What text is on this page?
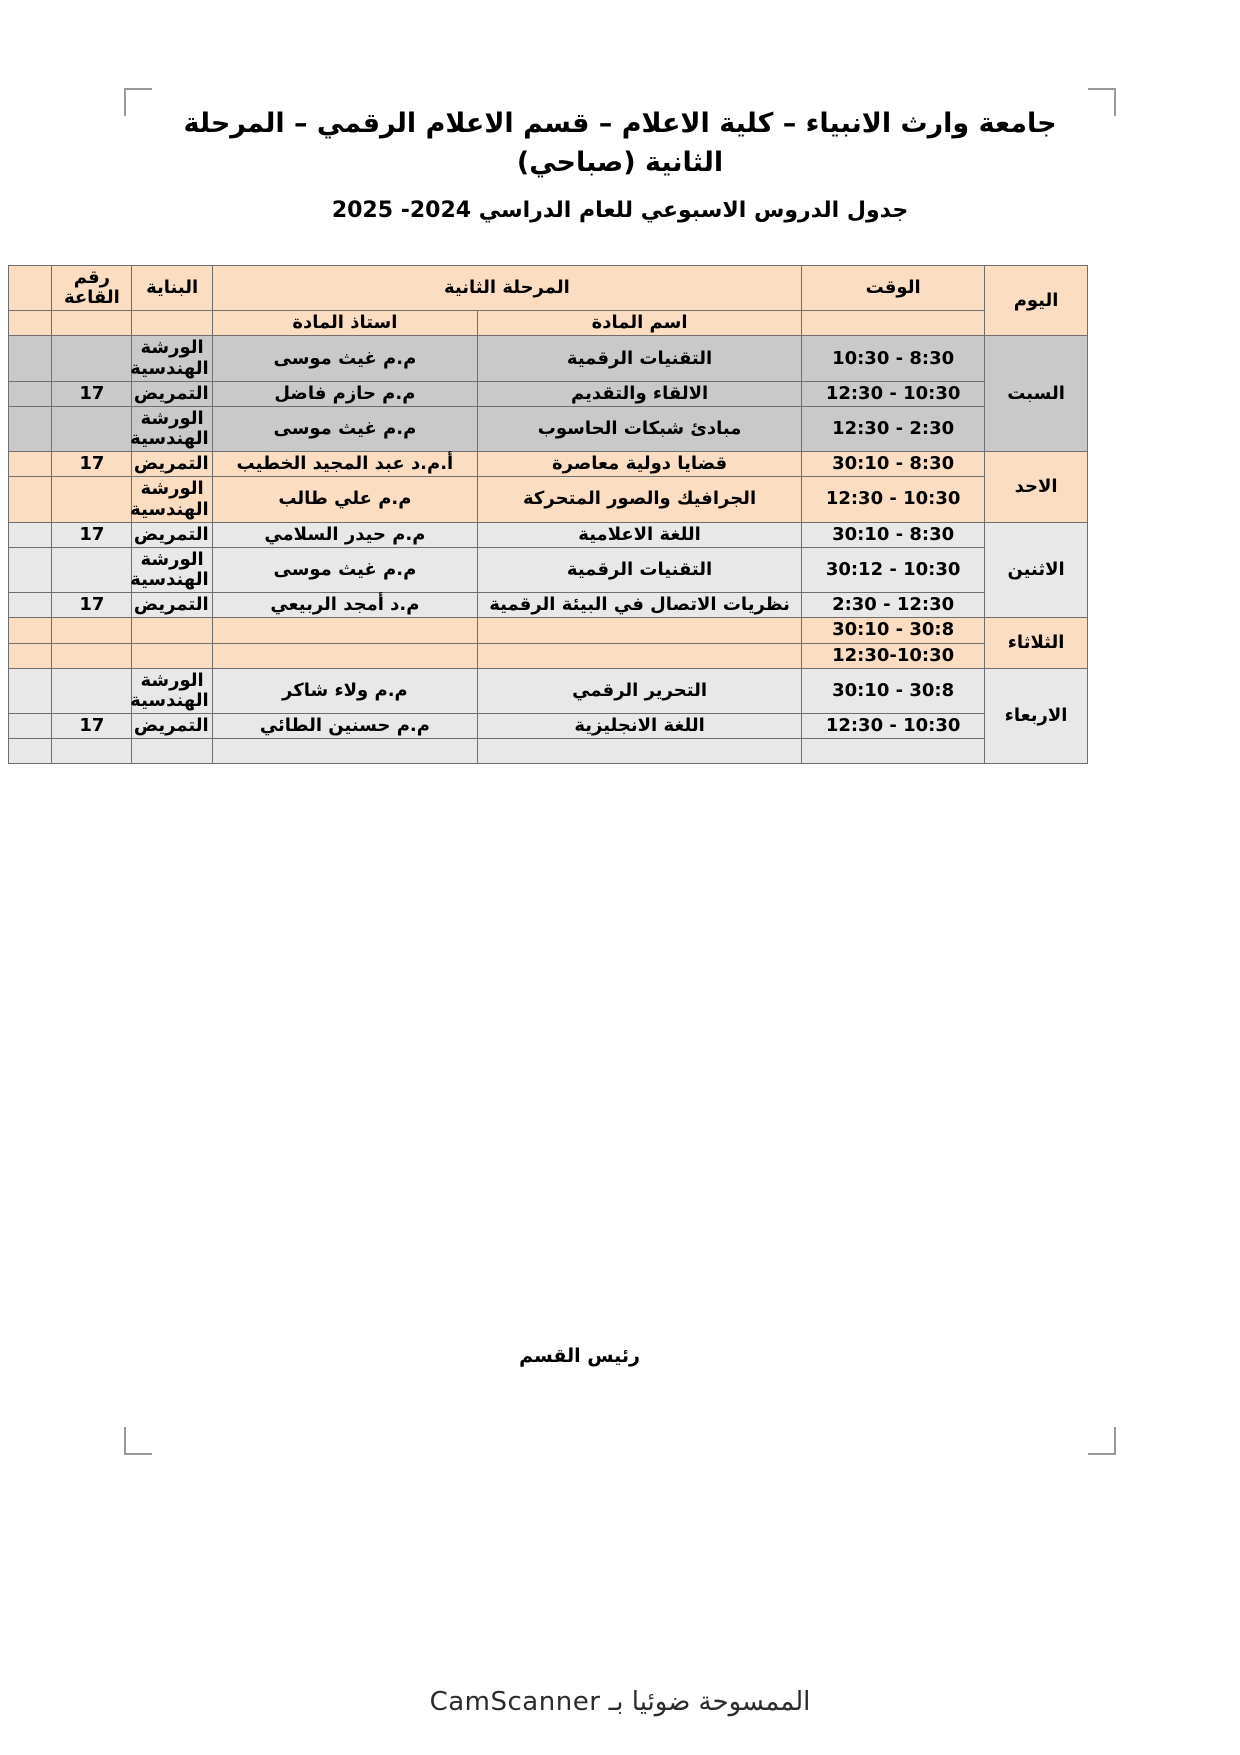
جامعة وارث الانبياء – كلية الاعلام – قسم الاعلام الرقمي – المرحلة الثانية (صباحي)
جدول الدروس الاسبوعي للعام الدراسي 2024- 2025
اليوم	الوقت	المرحلة الثانية		البناية	رقم القاعة	
		اسم المادة	استاذ المادة			
السبت	8:30 - 10:30	التقنيات الرقمية	م.م غيث موسى	الورشة الهندسية		
	10:30 - 12:30	الالقاء والتقديم	م.م حازم فاضل	التمريض	17	
	2:30 - 12:30	مبادئ شبكات الحاسوب	م.م غيث موسى	الورشة الهندسية		
الاحد	8:30 - 30:10	قضايا دولية معاصرة	أ.م.د عبد المجيد الخطيب	التمريض	17	
	10:30 - 12:30	الجرافيك والصور المتحركة	م.م علي طالب	الورشة الهندسية		
الاثنين	8:30 - 30:10	اللغة الاعلامية	م.م حيدر السلامي	التمريض	17	
	10:30 - 30:12	التقنيات الرقمية	م.م غيث موسى	الورشة الهندسية		
	12:30 - 2:30	نظريات الاتصال في البيئة الرقمية	م.د أمجد الربيعي	التمريض	17	
الثلاثاء	30:8 - 30:10					
	12:30-10:30					
الاربعاء	30:8 - 30:10	التحرير الرقمي	م.م ولاء شاكر	الورشة الهندسية		
	10:30 - 12:30	اللغة الانجليزية	م.م حسنين الطائي	التمريض	17	

رئيس القسم
الممسوحة ضوئيا بـ CamScanner
